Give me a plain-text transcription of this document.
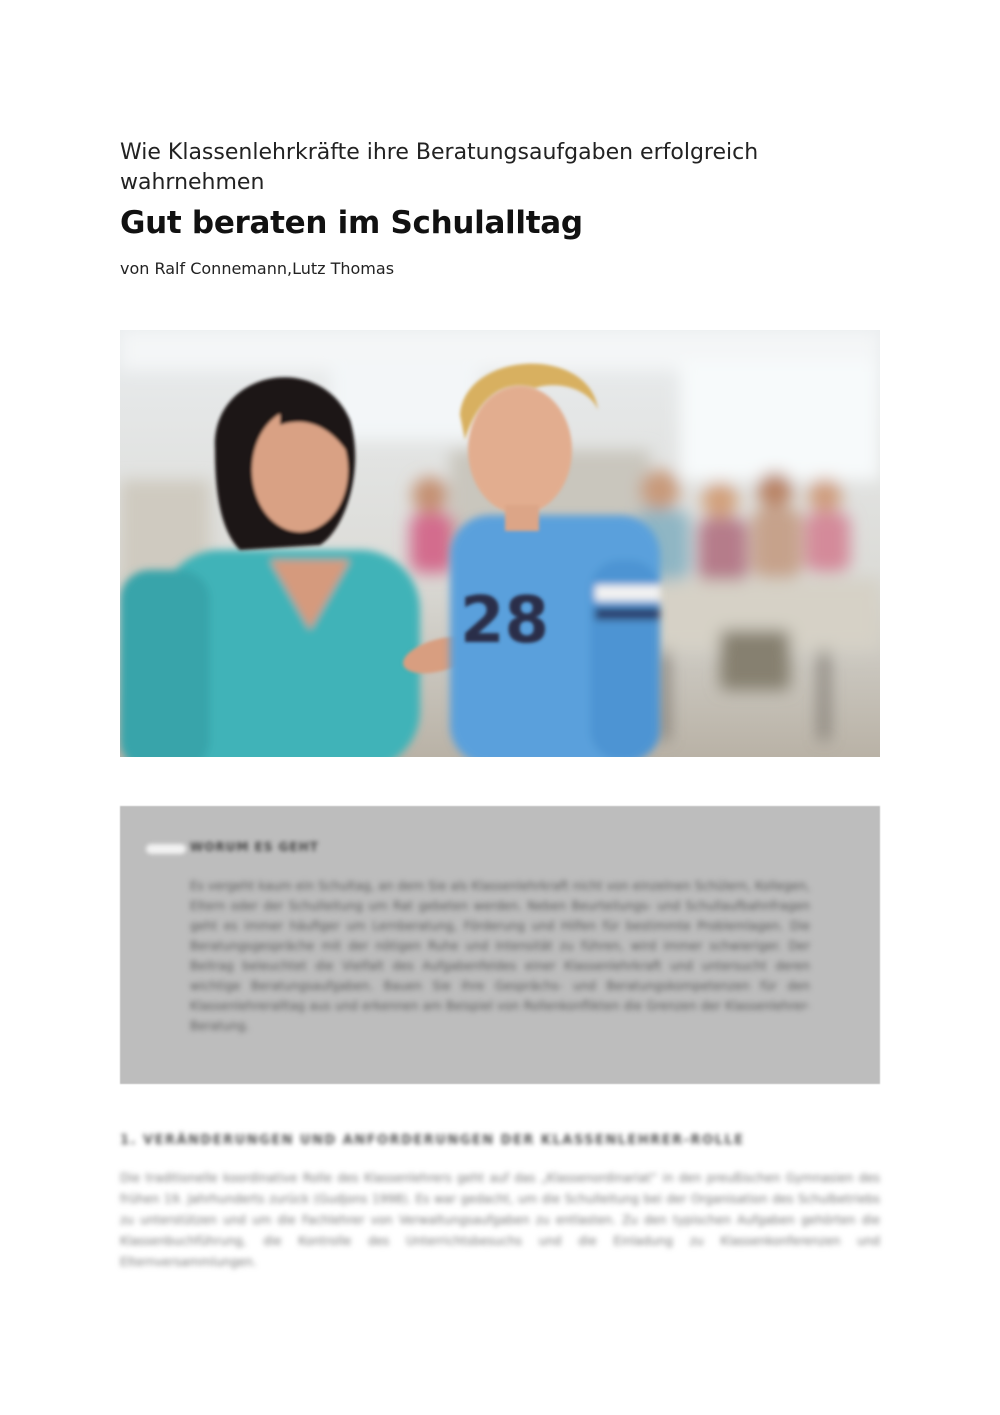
Wie Klassenlehrkräfte ihre Beratungsaufgaben erfolgreich wahrnehmen
Gut beraten im Schulalltag
von Ralf Connemann,Lutz Thomas
28
WORUM ES GEHT
Es vergeht kaum ein Schultag, an dem Sie als Klassenlehrkraft nicht von einzelnen Schülern, Kollegen, Eltern oder der Schulleitung um Rat gebeten werden. Neben Beurteilungs- und Schullaufbahnfragen geht es immer häufiger um Lernberatung, Förderung und Hilfen für bestimmte Problemlagen. Die Beratungsgespräche mit der nötigen Ruhe und Intensität zu führen, wird immer schwieriger. Der Beitrag beleuchtet die Vielfalt des Aufgabenfeldes einer Klassenlehrkraft und untersucht deren wichtige Beratungsaufgaben. Bauen Sie Ihre Gesprächs- und Beratungskompetenzen für den Klassenlehreralltag aus und erkennen am Beispiel von Rollenkonflikten die Grenzen der Klassenlehrer-Beratung.
1. VERÄNDERUNGEN UND ANFORDERUNGEN DER KLASSENLEHRER-ROLLE
Die traditionelle koordinative Rolle des Klassenlehrers geht auf das „Klassenordinariat“ in den preußischen Gymnasien des frühen 19. Jahrhunderts zurück (Gudjons 1998). Es war gedacht, um die Schulleitung bei der Organisation des Schulbetriebs zu unterstützen und um die Fachlehrer von Verwaltungsaufgaben zu entlasten. Zu den typischen Aufgaben gehörten die Klassenbuchführung, die Kontrolle des Unterrichtsbesuchs und die Einladung zu Klassenkonferenzen und Elternversammlungen.
